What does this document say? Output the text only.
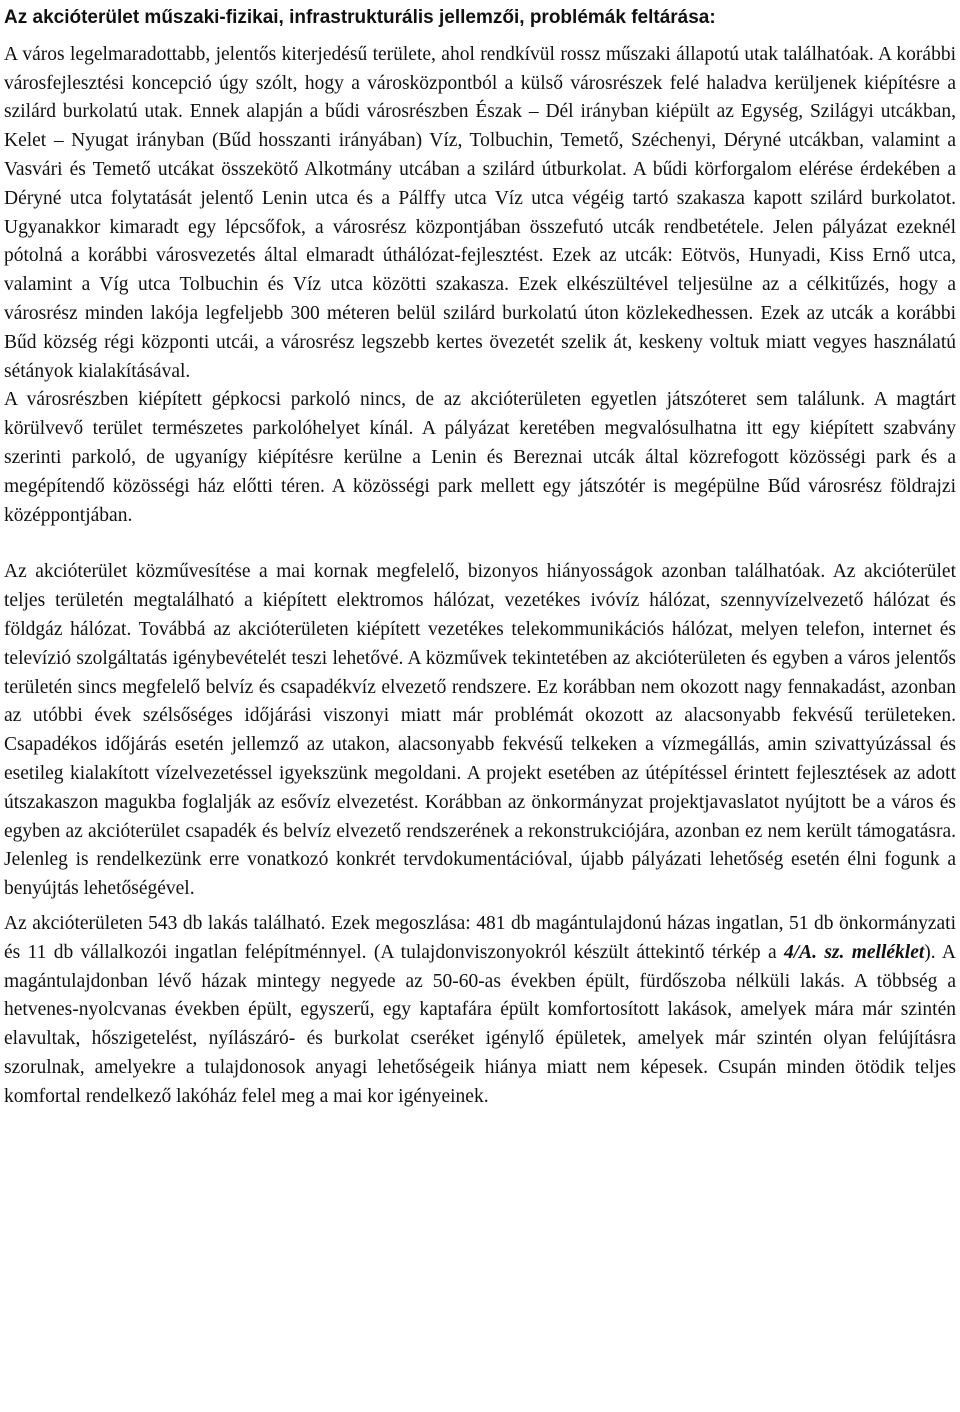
Az akcióterület műszaki-fizikai, infrastrukturális jellemzői, problémák feltárása:

A város legelmaradottabb, jelentős kiterjedésű területe, ahol rendkívül rossz műszaki állapotú utak találhatóak. A korábbi városfejlesztési koncepció úgy szólt, hogy a városközpontból a külső városrészek felé haladva kerüljenek kiépítésre a szilárd burkolatú utak. Ennek alapján a bűdi városrészben Észak – Dél irányban kiépült az Egység, Szilágyi utcákban, Kelet – Nyugat irányban (Bűd hosszanti irányában) Víz, Tolbuchin, Temető, Széchenyi, Déryné utcákban, valamint a Vasvári és Temető utcákat összekötő Alkotmány utcában a szilárd útburkolat. A bűdi körforgalom elérése érdekében a Déryné utca folytatását jelentő Lenin utca és a Pálffy utca Víz utca végéig tartó szakasza kapott szilárd burkolatot. Ugyanakkor kimaradt egy lépcsőfok, a városrész központjában összefutó utcák rendbetétele. Jelen pályázat ezeknél pótolná a korábbi városvezetés által elmaradt úthálózat-fejlesztést. Ezek az utcák: Eötvös, Hunyadi, Kiss Ernő utca, valamint a Víg utca Tolbuchin és Víz utca közötti szakasza. Ezek elkészültével teljesülne az a célkitűzés, hogy a városrész minden lakója legfeljebb 300 méteren belül szilárd burkolatú úton közlekedhessen. Ezek az utcák a korábbi Bűd község régi központi utcái, a városrész legszebb kertes övezetét szelik át, keskeny voltuk miatt vegyes használatú sétányok kialakításával.

A városrészben kiépített gépkocsi parkoló nincs, de az akcióterületen egyetlen játszóteret sem találunk. A magtárt körülvevő terület természetes parkolóhelyet kínál. A pályázat keretében megvalósulhatna itt egy kiépített szabvány szerinti parkoló, de ugyanígy kiépítésre kerülne a Lenin és Bereznai utcák által közrefogott közösségi park és a megépítendő közösségi ház előtti téren. A közösségi park mellett egy játszótér is megépülne Bűd városrész földrajzi középpontjában.

Az akcióterület közművesítése a mai kornak megfelelő, bizonyos hiányosságok azonban találhatóak. Az akcióterület teljes területén megtalálható a kiépített elektromos hálózat, vezetékes ivóvíz hálózat, szennyvízelvezető hálózat és földgáz hálózat. Továbbá az akcióterületen kiépített vezetékes telekommunikációs hálózat, melyen telefon, internet és televízió szolgáltatás igénybevételét teszi lehetővé. A közművek tekintetében az akcióterületen és egyben a város jelentős területén sincs megfelelő belvíz és csapadékvíz elvezető rendszere. Ez korábban nem okozott nagy fennakadást, azonban az utóbbi évek szélsőséges időjárási viszonyi miatt már problémát okozott az alacsonyabb fekvésű területeken. Csapadékos időjárás esetén jellemző az utakon, alacsonyabb fekvésű telkeken a vízmegállás, amin szivattyúzással és esetileg kialakított vízelvezetéssel igyekszünk megoldani. A projekt esetében az útépítéssel érintett fejlesztések az adott útszakaszon magukba foglalják az esővíz elvezetést. Korábban az önkormányzat projektjavaslatot nyújtott be a város és egyben az akcióterület csapadék és belvíz elvezető rendszerének a rekonstrukciójára, azonban ez nem került támogatásra. Jelenleg is rendelkezünk erre vonatkozó konkrét tervdokumentációval, újabb pályázati lehetőség esetén élni fogunk a benyújtás lehetőségével.

Az akcióterületen 543 db lakás található. Ezek megoszlása: 481 db magántulajdonú házas ingatlan, 51 db önkormányzati és 11 db vállalkozói ingatlan felépítménnyel. (A tulajdonviszonyokról készült áttekintő térkép a 4/A. sz. melléklet). A magántulajdonban lévő házak mintegy negyede az 50-60-as években épült, fürdőszoba nélküli lakás. A többség a hetvenes-nyolcvanas években épült, egyszerű, egy kaptafára épült komfortosított lakások, amelyek mára már szintén elavultak, hőszigetelést, nyílászáró- és burkolat cseréket igénylő épületek, amelyek már szintén olyan felújításra szorulnak, amelyekre a tulajdonosok anyagi lehetőségeik hiánya miatt nem képesek. Csupán minden ötödik teljes komfortal rendelkező lakóház felel meg a mai kor igényeinek.
